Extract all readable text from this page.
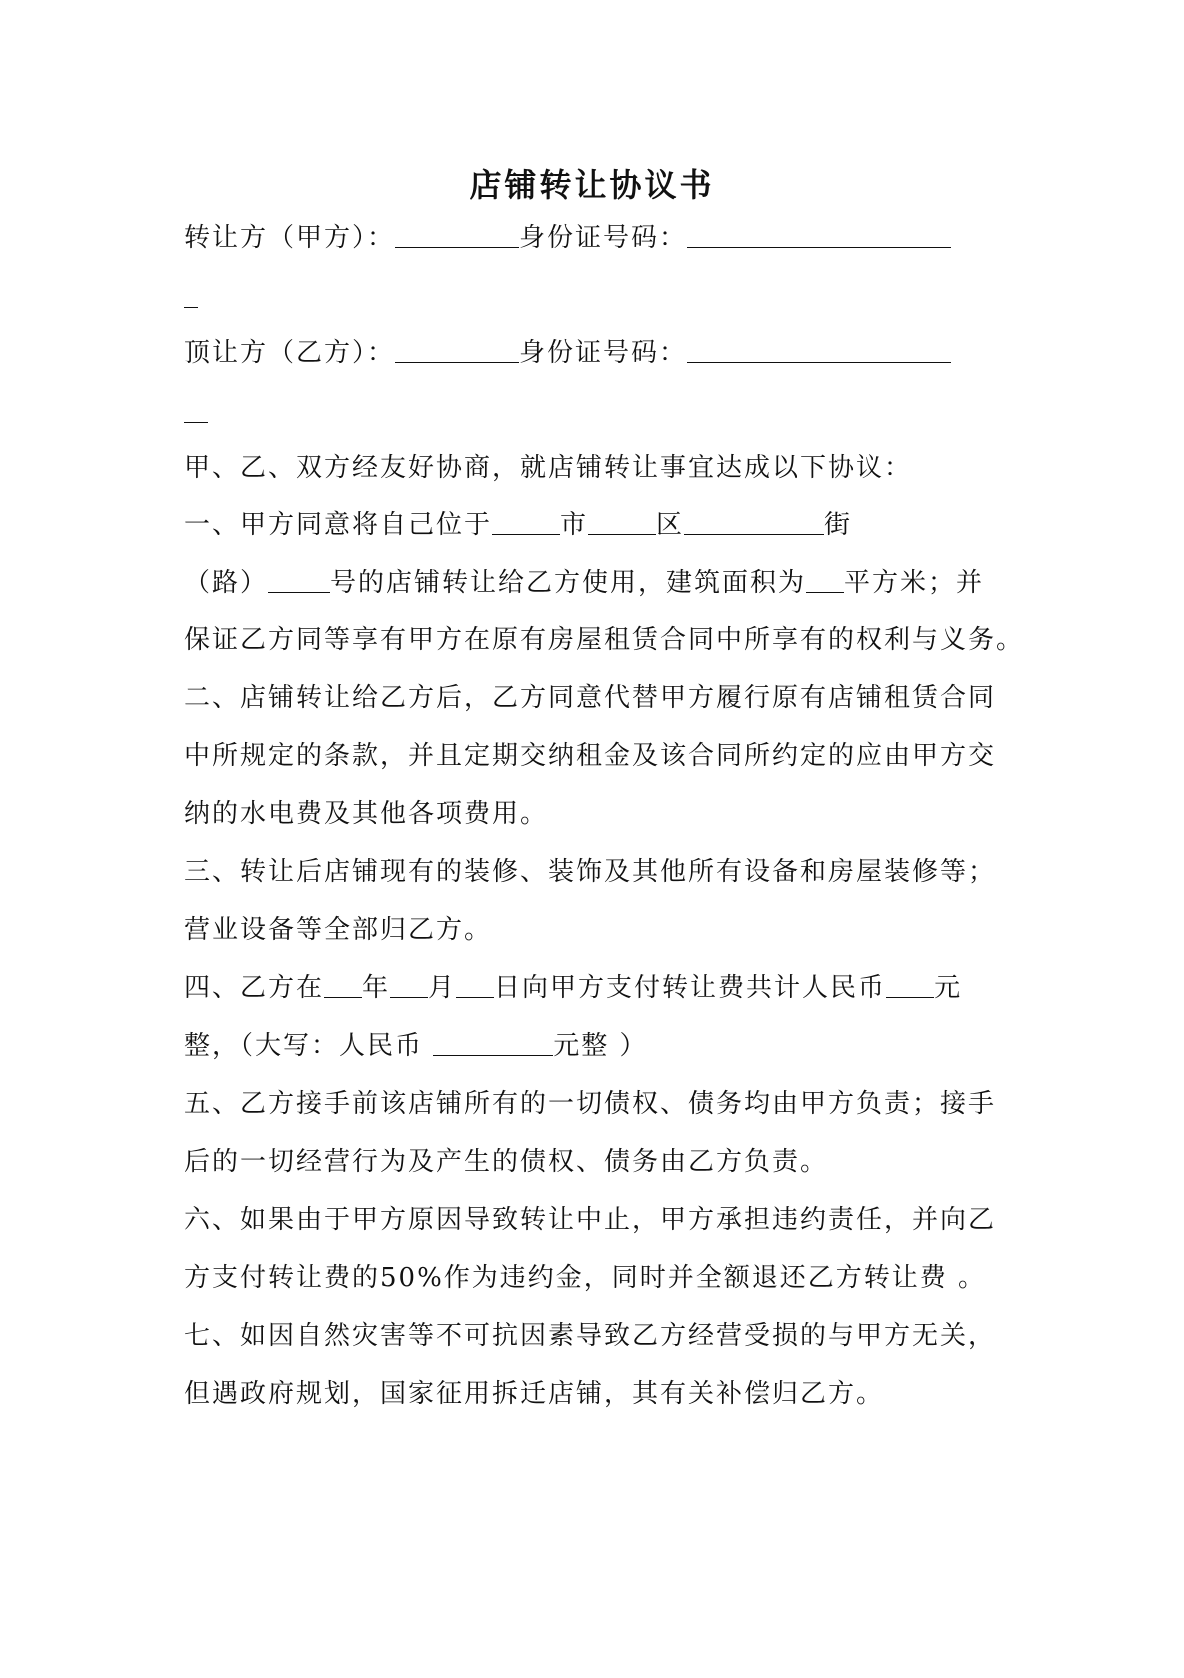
店铺转让协议书
转让方（甲方）：	身份证号码：
顶让方（乙方）：	身份证号码：
甲、乙、双方经友好协商，就店铺转让事宜达成以下协议：
一、甲方同意将自己位于	市	区	街
（路） 号的店铺转让给乙方使用，建筑面积为 平方米；并
保证乙方同等享有甲方在原有房屋租赁合同中所享有的权利与义务。
二、店铺转让给乙方后，乙方同意代替甲方履行原有店铺租赁合同
中所规定的条款，并且定期交纳租金及该合同所约定的应由甲方交
纳的水电费及其他各项费用。
三、转让后店铺现有的装修、装饰及其他所有设备和房屋装修等；
营业设备等全部归乙方。
四、乙方在 年 月 日向甲方支付转让费共计人民币 元
整，（大写：人民币	元整 ）
五、乙方接手前该店铺所有的一切债权、债务均由甲方负责；接手
后的一切经营行为及产生的债权、债务由乙方负责。
六、如果由于甲方原因导致转让中止，甲方承担违约责任，并向乙
方支付转让费的50%作为违约金，同时并全额退还乙方转让费 。
七、如因自然灾害等不可抗因素导致乙方经营受损的与甲方无关，
但遇政府规划，国家征用拆迁店铺，其有关补偿归乙方。
